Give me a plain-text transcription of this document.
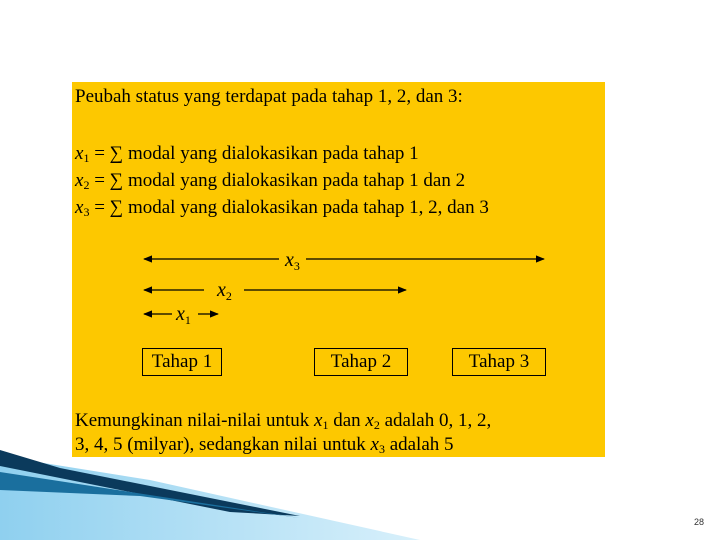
Peubah status yang terdapat pada tahap 1, 2, dan 3:
$x_1$ = ∑ modal yang dialokasikan pada tahap 1
$x_2$ = ∑ modal yang dialokasikan pada tahap 1 dan 2
$x_3$ = ∑ modal yang dialokasikan pada tahap 1, 2, dan 3
$x_3$
$x_2$
$x_1$
Tahap 1	Tahap 2	Tahap 3
Kemungkinan nilai-nilai untuk $x_1$ dan $x_2$ adalah 0, 1, 2,
3, 4, 5 (milyar), sedangkan nilai untuk $x_3$ adalah 5
28
